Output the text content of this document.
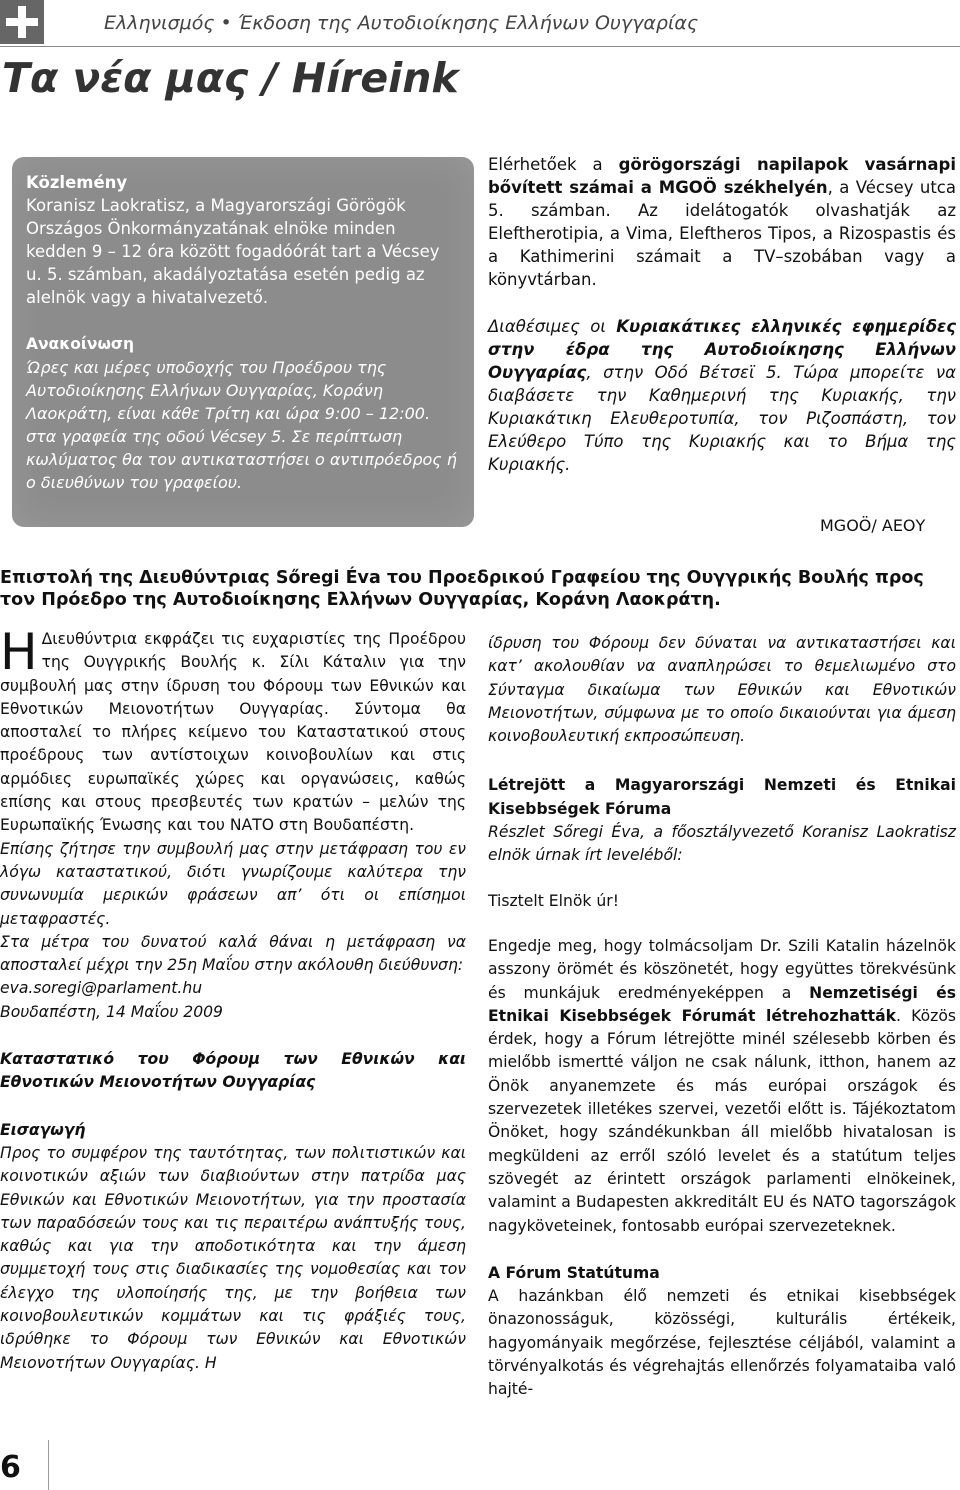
Ελληνισμός • Έκδοση της Αυτοδιοίκησης Ελλήνων Ουγγαρίας
Τα νέα μας / Híreink

Közlemény

Koranisz Laokratisz, a Magyarországi Görögök Országos Önkormányzatának elnöke minden kedden 9 – 12 óra között fogadóórát tart a Vécsey u. 5. számban, akadályoztatása esetén pedig az alelnök vagy a hivatalvezető.

Ανακοίνωση

Ώρες και μέρες υποδοχής του Προέδρου της Αυτοδιοίκησης Ελλήνων Ουγγαρίας, Κοράνη Λαοκράτη, είναι κάθε Τρίτη και ώρα 9:00 – 12:00. στα γραφεία της οδού Vécsey 5. Σε περίπτωση κωλύματος θα τον αντικαταστήσει ο αντιπρόεδρος ή ο διευθύνων του γραφείου.

Elérhetőek a görögországi napilapok vasárnapi bővített számai a MGOÖ székhelyén, a Vécsey utca 5. számban. Az idelátogatók olvashatják az Eleftherotipia, a Vima, Eleftheros Tipos, a Rizospastis és a Kathimerini számait a TV–szobában vagy a könyvtárban.

Διαθέσιμες οι Κυριακάτικες ελληνικές εφημερίδες στην έδρα της Αυτοδιοίκησης Ελλήνων Ουγγαρίας, στην Οδό Βέτσεϊ 5. Τώρα μπορείτε να διαβάσετε την Καθημερινή της Κυριακής, την Κυριακάτικη Ελευθεροτυπία, τον Ριζοσπάστη, τον Ελεύθερο Τύπο της Κυριακής και το Βήμα της Κυριακής.

MGOÖ/ ΑΕΟΥ
Επιστολή της Διευθύντριας Sőregi Éva του Προεδρικού Γραφείου της Ουγγρικής Βουλής προς τον Πρόεδρο της Αυτοδιοίκησης Ελλήνων Ουγγαρίας, Κοράνη Λαοκράτη.

Η Διευθύντρια εκφράζει τις ευχαριστίες της Προέδρου της Ουγγρικής Βουλής κ. Σίλι Κάταλιν για την συμβουλή μας στην ίδρυση του Φόρουμ των Εθνικών και Εθνοτικών Μειονοτήτων Ουγγαρίας. Σύντομα θα αποσταλεί το πλήρες κείμενο του Καταστατικού στους προέδρους των αντίστοιχων κοινοβουλίων και στις αρμόδιες ευρωπαϊκές χώρες και οργανώσεις, καθώς επίσης και στους πρεσβευτές των κρατών – μελών της Ευρωπαϊκής Ένωσης και του ΝΑΤΟ στη Βουδαπέστη.

Επίσης ζήτησε την συμβουλή μας στην μετάφραση του εν λόγω καταστατικού, διότι γνωρίζουμε καλύτερα την συνωνυμία μερικών φράσεων απ’ ότι οι επίσημοι μεταφραστές.

Στα μέτρα του δυνατού καλά θάναι η μετάφραση να αποσταλεί μέχρι την 25η Μαΐου στην ακόλουθη διεύθυνση:

eva.soregi@parlament.hu

Βουδαπέστη, 14 Μαΐου 2009

Καταστατικό του Φόρουμ των Εθνικών και Εθνοτικών Μειονοτήτων Ουγγαρίας

Εισαγωγή

Προς το συμφέρον της ταυτότητας, των πολιτιστικών και κοινοτικών αξιών των διαβιούντων στην πατρίδα μας Εθνικών και Εθνοτικών Μειονοτήτων, για την προστασία των παραδόσεών τους και τις περαιτέρω ανάπτυξής τους, καθώς και για την αποδοτικότητα και την άμεση συμμετοχή τους στις διαδικασίες της νομοθεσίας και τον έλεγχο της υλοποίησής της, με την βοήθεια των κοινοβουλευτικών κομμάτων και τις φράξιές τους, ιδρύθηκε το Φόρουμ των Εθνικών και Εθνοτικών Μειονοτήτων Ουγγαρίας. Η

ίδρυση του Φόρουμ δεν δύναται να αντικαταστήσει και κατ’ ακολουθίαν να αναπληρώσει το θεμελιωμένο στο Σύνταγμα δικαίωμα των Εθνικών και Εθνοτικών Μειονοτήτων, σύμφωνα με το οποίο δικαιούνται για άμεση κοινοβουλευτική εκπροσώπευση.

Létrejött a Magyarországi Nemzeti és Etnikai Kisebbségek Fóruma

Részlet Sőregi Éva, a főosztályvezető Koranisz Laokratisz elnök úrnak írt leveléből:

Tisztelt Elnök úr!

Engedje meg, hogy tolmácsoljam Dr. Szili Katalin házelnök asszony örömét és köszönetét, hogy együttes törekvésünk és munkájuk eredményeképpen a Nemzetiségi és Etnikai Kisebbségek Fórumát létrehozhatták. Közös érdek, hogy a Fórum létrejötte minél szélesebb körben és mielőbb ismertté váljon ne csak nálunk, itthon, hanem az Önök anyanemzete és más európai országok és szervezetek illetékes szervei, vezetői előtt is. Tájékoztatom Önöket, hogy szándékunkban áll mielőbb hivatalosan is megküldeni az erről szóló levelet és a statútum teljes szövegét az érintett országok parlamenti elnökeinek, valamint a Budapesten akkreditált EU és NATO tagországok nagyköveteinek, fontosabb európai szervezeteknek.

A Fórum Statútuma

A hazánkban élő nemzeti és etnikai kisebbségek önazonosságuk, közösségi, kulturális értékeik, hagyományaik megőrzése, fejlesztése céljából, valamint a törvényalkotás és végrehajtás ellenőrzés folyamataiba való hajté-

6
